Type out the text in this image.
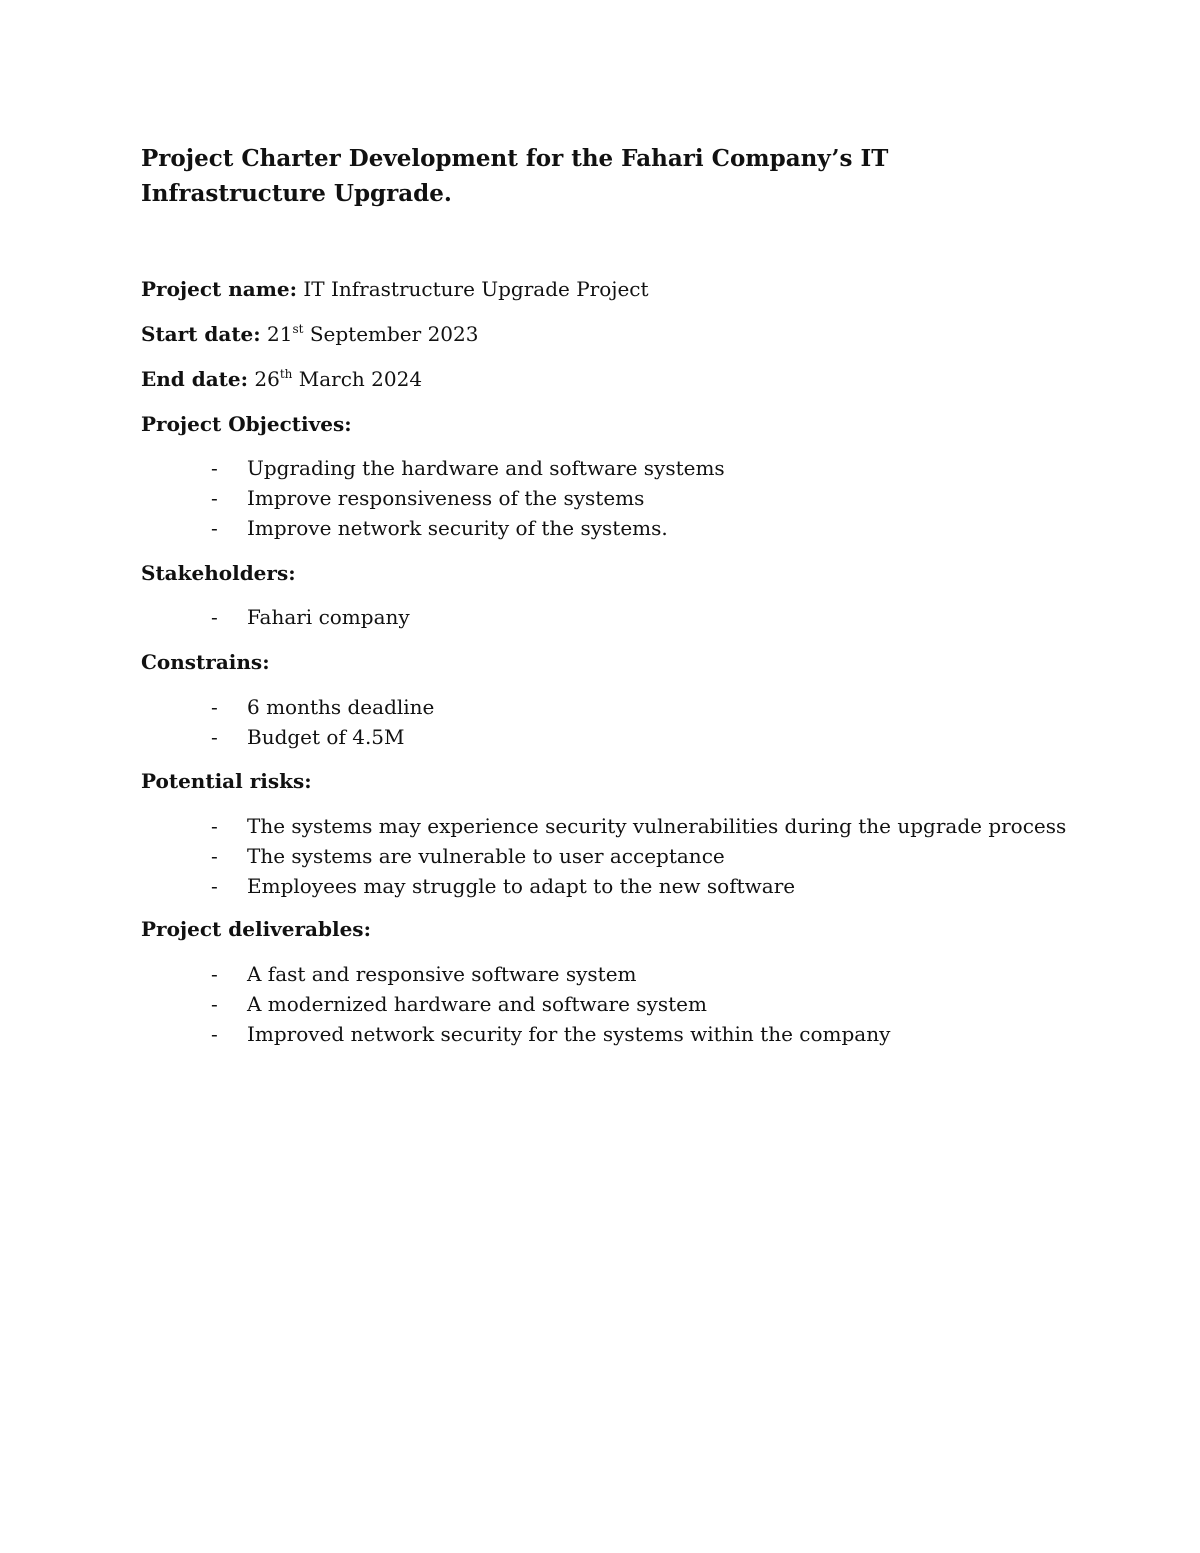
Project Charter Development for the Fahari Company’s IT Infrastructure Upgrade.
Project name: IT Infrastructure Upgrade Project
Start date: 21st September 2023
End date: 26th March 2024
Project Objectives:
- Upgrading the hardware and software systems
- Improve responsiveness of the systems
- Improve network security of the systems.
Stakeholders:
- Fahari company
Constrains:
- 6 months deadline
- Budget of 4.5M
Potential risks:
- The systems may experience security vulnerabilities during the upgrade process
- The systems are vulnerable to user acceptance
- Employees may struggle to adapt to the new software
Project deliverables:
- A fast and responsive software system
- A modernized hardware and software system
- Improved network security for the systems within the company
